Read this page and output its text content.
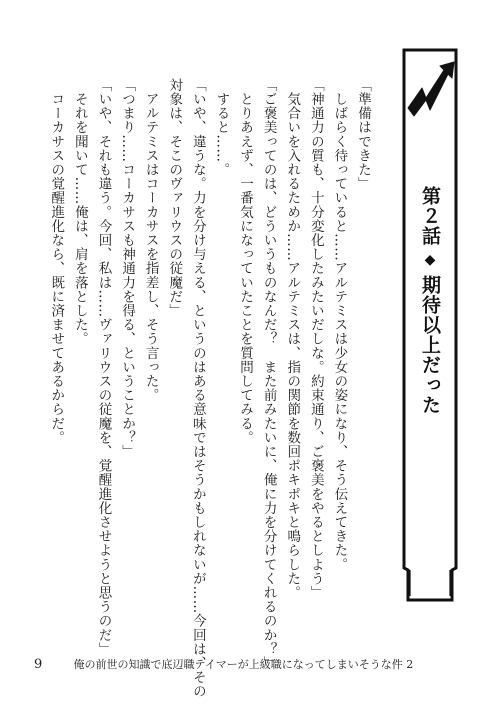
第２話
◆
期待以上だった
「準備はできた」
　しばらく待っていると……アルテミスは少女の姿になり、そう伝えてきた。
「神通力の質も、十分変化したみたいだしな。約束通り、ご褒美をやるとしよう」
　気合いを入れるためか……アルテミスは、指の関節を数回ポキポキと鳴らした。
「ご褒美ってのは、どういうものなんだ？　また前みたいに、俺に力を分けてくれるのか？」
　とりあえず、一番気になっていたことを質問してみる。
　すると……。
「いや、違うな。力を分け与える、というのはある意味ではそうかもしれないが……今回は、その
対象は、そこのヴァリウスの従魔だ」
　アルテミスはコーカサスを指差し、そう言った。
「つまり……コーカサスも神通力を得る、ということか？」
「いや、それも違う。今回、私は……ヴァリウスの従魔を、覚醒進化させようと思うのだ」
　それを聞いて……俺は、肩を落とした。
　コーカサスの覚醒進化なら、既に済ませてあるからだ。
9	俺の前世の知識で底辺職テイマーが上級職になってしまいそうな件 2
